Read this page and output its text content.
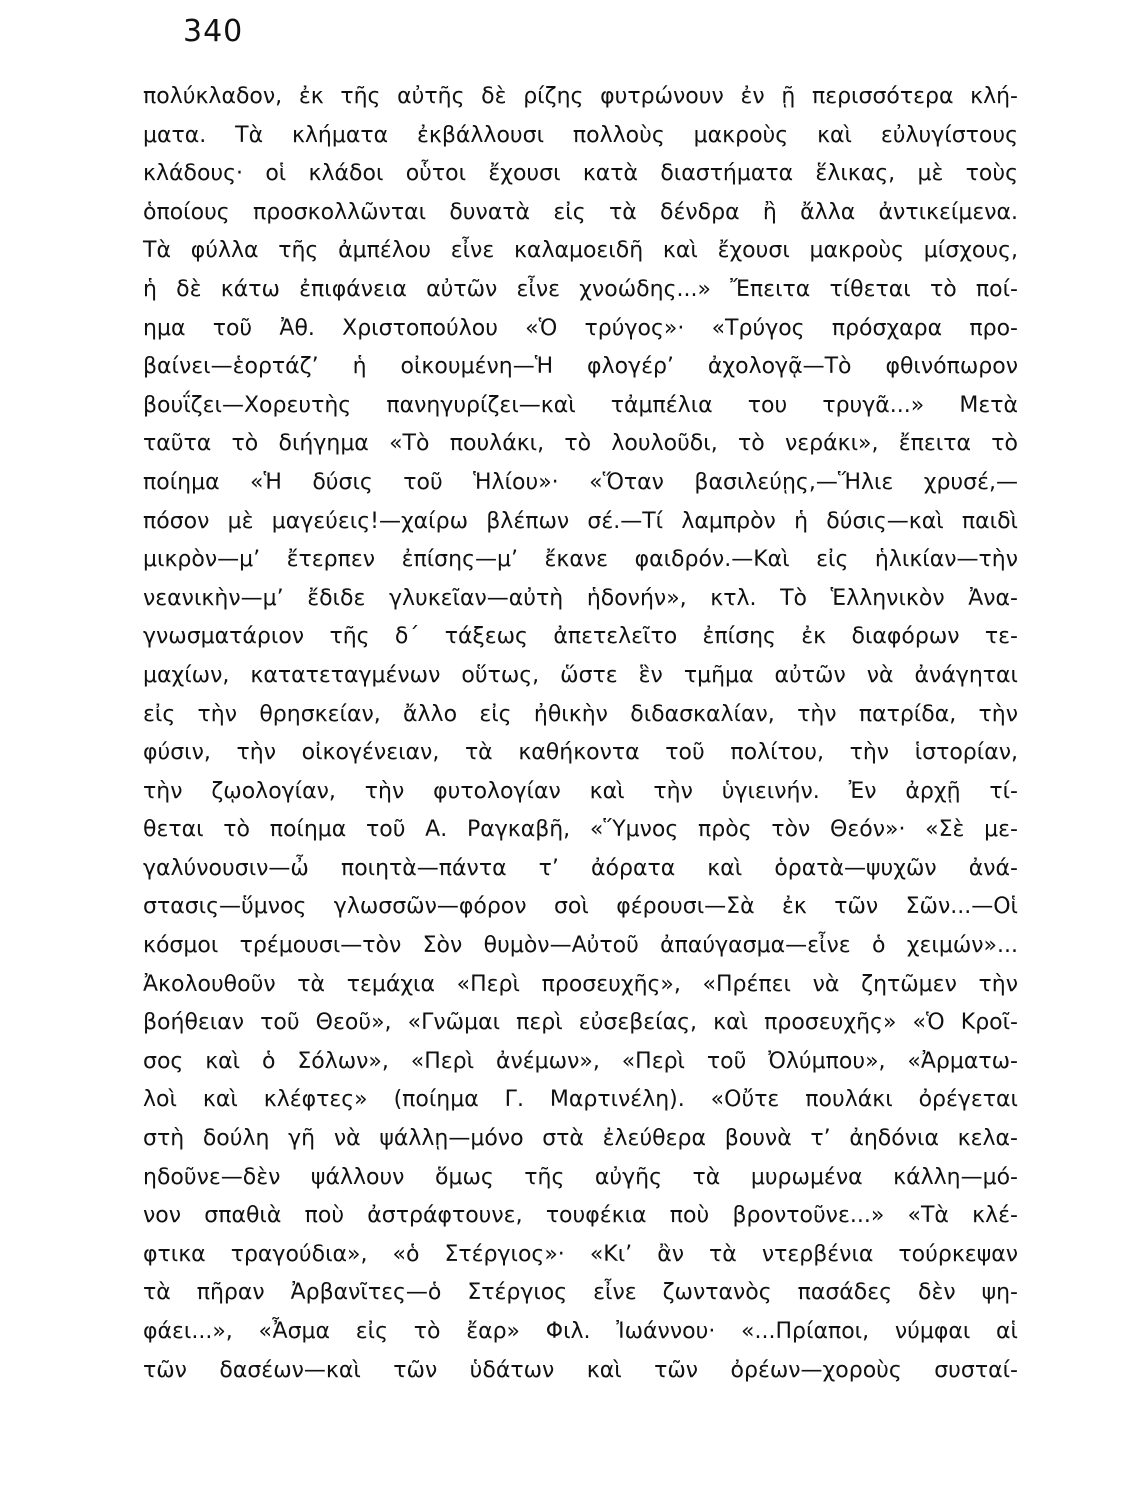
340
πολύκλαδον, ἐκ τῆς αὐτῆς δὲ ρίζης φυτρώνουν ἐν ῇ περισσότερα κλή-
ματα. Τὰ κλήματα ἐκβάλλουσι πολλοὺς μακροὺς καὶ εὐλυγίστους
κλάδους· οἱ κλάδοι οὗτοι ἔχουσι κατὰ διαστήματα ἕλικας, μὲ τοὺς
ὁποίους προσκολλῶνται δυνατὰ εἰς τὰ δένδρα ἢ ἄλλα ἀντικείμενα.
Τὰ φύλλα τῆς ἀμπέλου εἶνε καλαμοειδῆ καὶ ἔχουσι μακροὺς μίσχους,
ἡ δὲ κάτω ἐπιφάνεια αὐτῶν εἶνε χνοώδης...» Ἔπειτα τίθεται τὸ ποί-
ημα τοῦ Ἀθ. Χριστοπούλου «Ὁ τρύγος»· «Τρύγος πρόσχαρα προ-
βαίνει—ἑορτάζ’ ἡ οἰκουμένη—Ἡ φλογέρ’ ἀχολογᾷ—Τὸ φθινόπωρον
βουΐζει—Χορευτὴς πανηγυρίζει—καὶ τἀμπέλια του τρυγᾶ...» Μετὰ
ταῦτα τὸ διήγημα «Τὸ πουλάκι, τὸ λουλοῦδι, τὸ νεράκι», ἔπειτα τὸ
ποίημα «Ἡ δύσις τοῦ Ἡλίου»· «Ὅταν βασιλεύῃς,—Ἥλιε χρυσέ,—
πόσον μὲ μαγεύεις!—χαίρω βλέπων σέ.—Τί λαμπρὸν ἡ δύσις—καὶ παιδὶ
μικρὸν—μ’ ἔτερπεν ἐπίσης—μ’ ἔκανε φαιδρόν.—Καὶ εἰς ἡλικίαν—τὴν
νεανικὴν—μ’ ἔδιδε γλυκεῖαν—αὐτὴ ἡδονήν», κτλ. Τὸ Ἑλληνικὸν Ἀνα-
γνωσματάριον τῆς δ΄ τάξεως ἀπετελεῖτο ἐπίσης ἐκ διαφόρων τε-
μαχίων, κατατεταγμένων οὕτως, ὥστε ἓν τμῆμα αὐτῶν νὰ ἀνάγηται
εἰς τὴν θρησκείαν, ἄλλο εἰς ἠθικὴν διδασκαλίαν, τὴν πατρίδα, τὴν
φύσιν, τὴν οἰκογένειαν, τὰ καθήκοντα τοῦ πολίτου, τὴν ἱστορίαν,
τὴν ζῳολογίαν, τὴν φυτολογίαν καὶ τὴν ὑγιεινήν. Ἐν ἀρχῇ τί-
θεται τὸ ποίημα τοῦ Α. Ραγκαβῆ, «Ὕμνος πρὸς τὸν Θεόν»· «Σὲ με-
γαλύνουσιν—ὦ ποιητὰ—πάντα τ’ ἀόρατα καὶ ὁρατὰ—ψυχῶν ἀνά-
στασις—ὕμνος γλωσσῶν—φόρον σοὶ φέρουσι—Σὰ ἐκ τῶν Σῶν...—Οἱ
κόσμοι τρέμουσι—τὸν Σὸν θυμὸν—Αὐτοῦ ἀπαύγασμα—εἶνε ὁ χειμών»...
Ἀκολουθοῦν τὰ τεμάχια «Περὶ προσευχῆς», «Πρέπει νὰ ζητῶμεν τὴν
βοήθειαν τοῦ Θεοῦ», «Γνῶμαι περὶ εὐσεβείας, καὶ προσευχῆς» «Ὁ Κροῖ-
σος καὶ ὁ Σόλων», «Περὶ ἀνέμων», «Περὶ τοῦ Ὀλύμπου», «Ἀρματω-
λοὶ καὶ κλέφτες» (ποίημα Γ. Μαρτινέλη). «Οὔτε πουλάκι ὀρέγεται
στὴ δούλη γῆ νὰ ψάλλῃ—μόνο στὰ ἐλεύθερα βουνὰ τ’ ἀηδόνια κελα-
ηδοῦνε—δὲν ψάλλουν ὅμως τῆς αὐγῆς τὰ μυρωμένα κάλλη—μό-
νον σπαθιὰ ποὺ ἀστράφτουνε, τουφέκια ποὺ βροντοῦνε...» «Τὰ κλέ-
φτικα τραγούδια», «ὁ Στέργιος»· «Κι’ ἂν τὰ ντερβένια τούρκεψαν
τὰ πῆραν Ἀρβανῖτες—ὁ Στέργιος εἶνε ζωντανὸς πασάδες δὲν ψη-
φάει...», «Ἆσμα εἰς τὸ ἔαρ» Φιλ. Ἰωάννου· «...Πρίαποι, νύμφαι αἱ
τῶν δασέων—καὶ τῶν ὑδάτων καὶ τῶν ὀρέων—χοροὺς συσταί-
